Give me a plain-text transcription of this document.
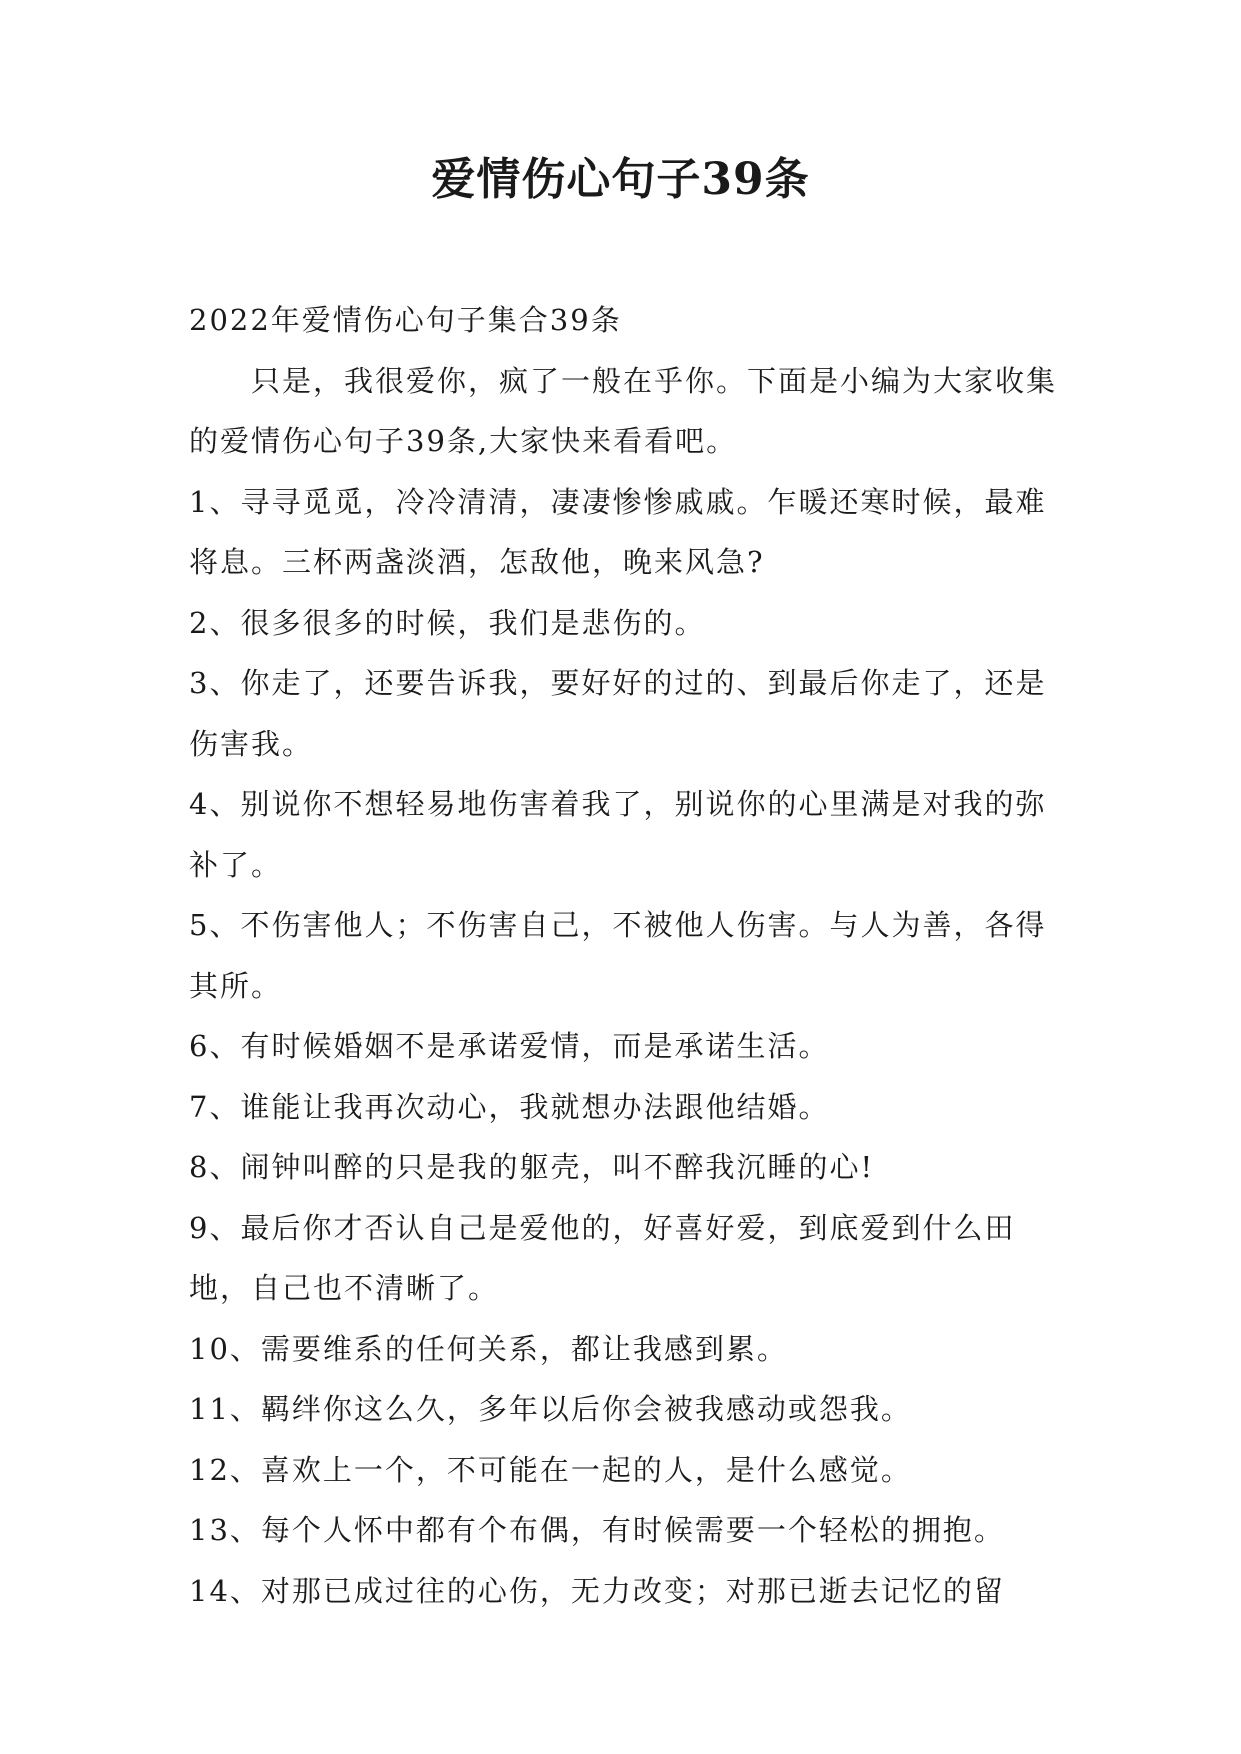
爱情伤心句子39条

2022年爱情伤心句子集合39条

只是，我很爱你，疯了一般在乎你。下面是小编为大家收集的爱情伤心句子39条,大家快来看看吧。

1、寻寻觅觅，冷冷清清，凄凄惨惨戚戚。乍暖还寒时候，最难将息。三杯两盏淡酒，怎敌他，晚来风急?

2、很多很多的时候，我们是悲伤的。

3、你走了，还要告诉我，要好好的过的、到最后你走了，还是伤害我。

4、别说你不想轻易地伤害着我了，别说你的心里满是对我的弥补了。

5、不伤害他人；不伤害自己，不被他人伤害。与人为善，各得其所。

6、有时候婚姻不是承诺爱情，而是承诺生活。

7、谁能让我再次动心，我就想办法跟他结婚。

8、闹钟叫醉的只是我的躯壳，叫不醉我沉睡的心!

9、最后你才否认自己是爱他的，好喜好爱，到底爱到什么田地，自己也不清晰了。

10、需要维系的任何关系，都让我感到累。

11、羁绊你这么久，多年以后你会被我感动或怨我。

12、喜欢上一个，不可能在一起的人，是什么感觉。

13、每个人怀中都有个布偶，有时候需要一个轻松的拥抱。

14、对那已成过往的心伤，无力改变；对那已逝去记忆的留
